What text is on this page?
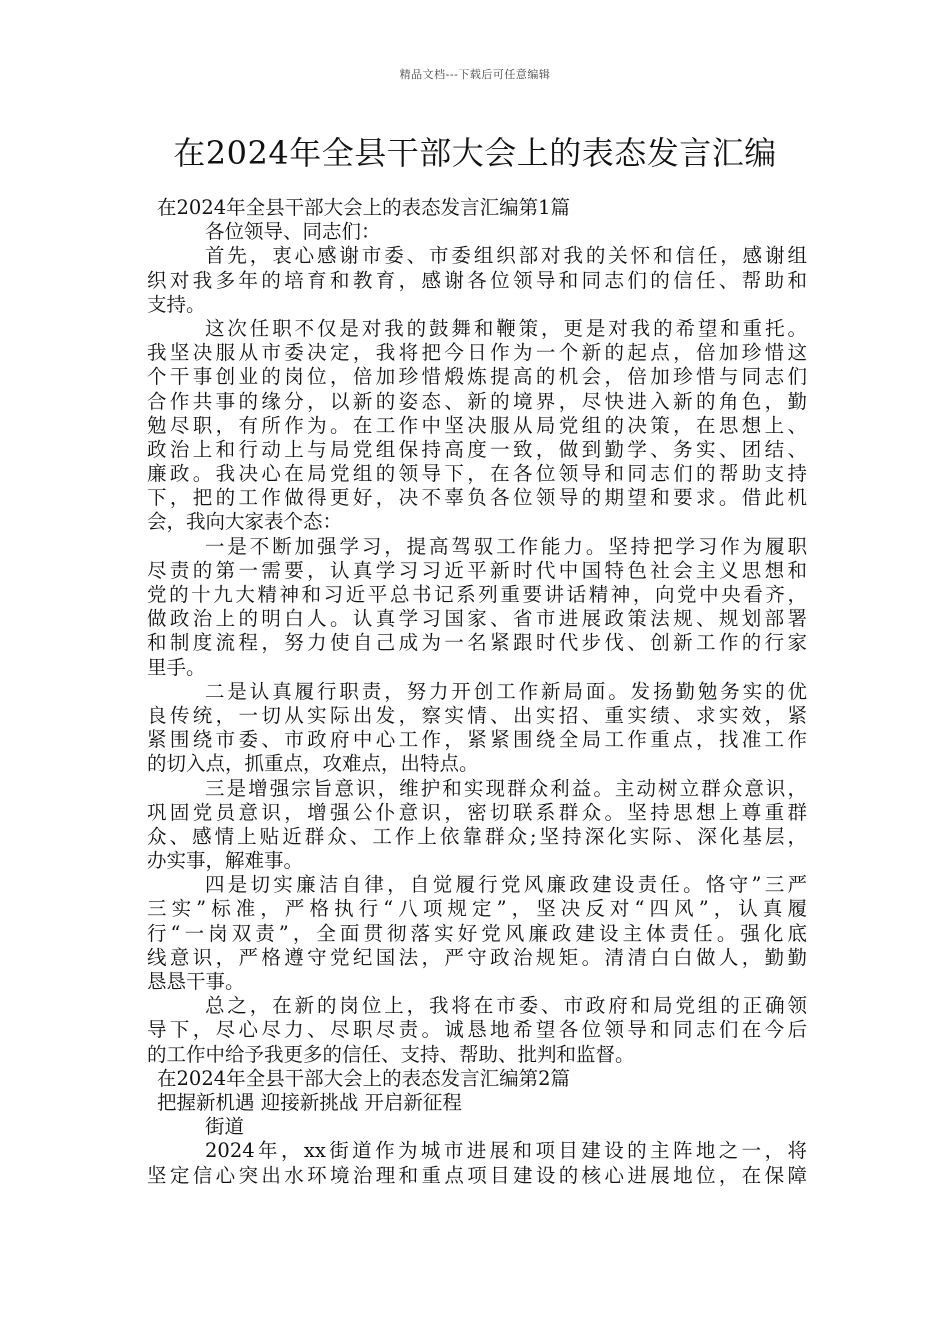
精品文档---下载后可任意编辑
在2024年全县干部大会上的表态发言汇编
在2024年全县干部大会上的表态发言汇编第1篇
各位领导、同志们：
首先，衷心感谢市委、市委组织部对我的关怀和信任，感谢组
织对我多年的培育和教育，感谢各位领导和同志们的信任、帮助和
支持。
这次任职不仅是对我的鼓舞和鞭策，更是对我的希望和重托。
我坚决服从市委决定，我将把今日作为一个新的起点，倍加珍惜这
个干事创业的岗位，倍加珍惜煅炼提高的机会，倍加珍惜与同志们
合作共事的缘分，以新的姿态、新的境界，尽快进入新的角色，勤
勉尽职，有所作为。在工作中坚决服从局党组的决策，在思想上、
政治上和行动上与局党组保持高度一致，做到勤学、务实、团结、
廉政。我决心在局党组的领导下，在各位领导和同志们的帮助支持
下，把的工作做得更好，决不辜负各位领导的期望和要求。借此机
会，我向大家表个态：
一是不断加强学习，提高驾驭工作能力。坚持把学习作为履职
尽责的第一需要，认真学习习近平新时代中国特色社会主义思想和
党的十九大精神和习近平总书记系列重要讲话精神，向党中央看齐，
做政治上的明白人。认真学习国家、省市进展政策法规、规划部署
和制度流程，努力使自己成为一名紧跟时代步伐、创新工作的行家
里手。
二是认真履行职责，努力开创工作新局面。发扬勤勉务实的优
良传统，一切从实际出发，察实情、出实招、重实绩、求实效，紧
紧围绕市委、市政府中心工作，紧紧围绕全局工作重点，找准工作
的切入点，抓重点，攻难点，出特点。
三是增强宗旨意识，维护和实现群众利益。主动树立群众意识，
巩固党员意识，增强公仆意识，密切联系群众。坚持思想上尊重群
众、感情上贴近群众、工作上依靠群众;坚持深化实际、深化基层，
办实事，解难事。
四是切实廉洁自律，自觉履行党风廉政建设责任。恪守”三严
三实”标准，严格执行“八项规定”，坚决反对“四风”，认真履
行“一岗双责”，全面贯彻落实好党风廉政建设主体责任。强化底
线意识，严格遵守党纪国法，严守政治规矩。清清白白做人，勤勤
恳恳干事。
总之，在新的岗位上，我将在市委、市政府和局党组的正确领
导下，尽心尽力、尽职尽责。诚恳地希望各位领导和同志们在今后
的工作中给予我更多的信任、支持、帮助、批判和监督。
在2024年全县干部大会上的表态发言汇编第2篇
把握新机遇 迎接新挑战 开启新征程
街道
2024年，xx街道作为城市进展和项目建设的主阵地之一，将
坚定信心突出水环境治理和重点项目建设的核心进展地位，在保障
